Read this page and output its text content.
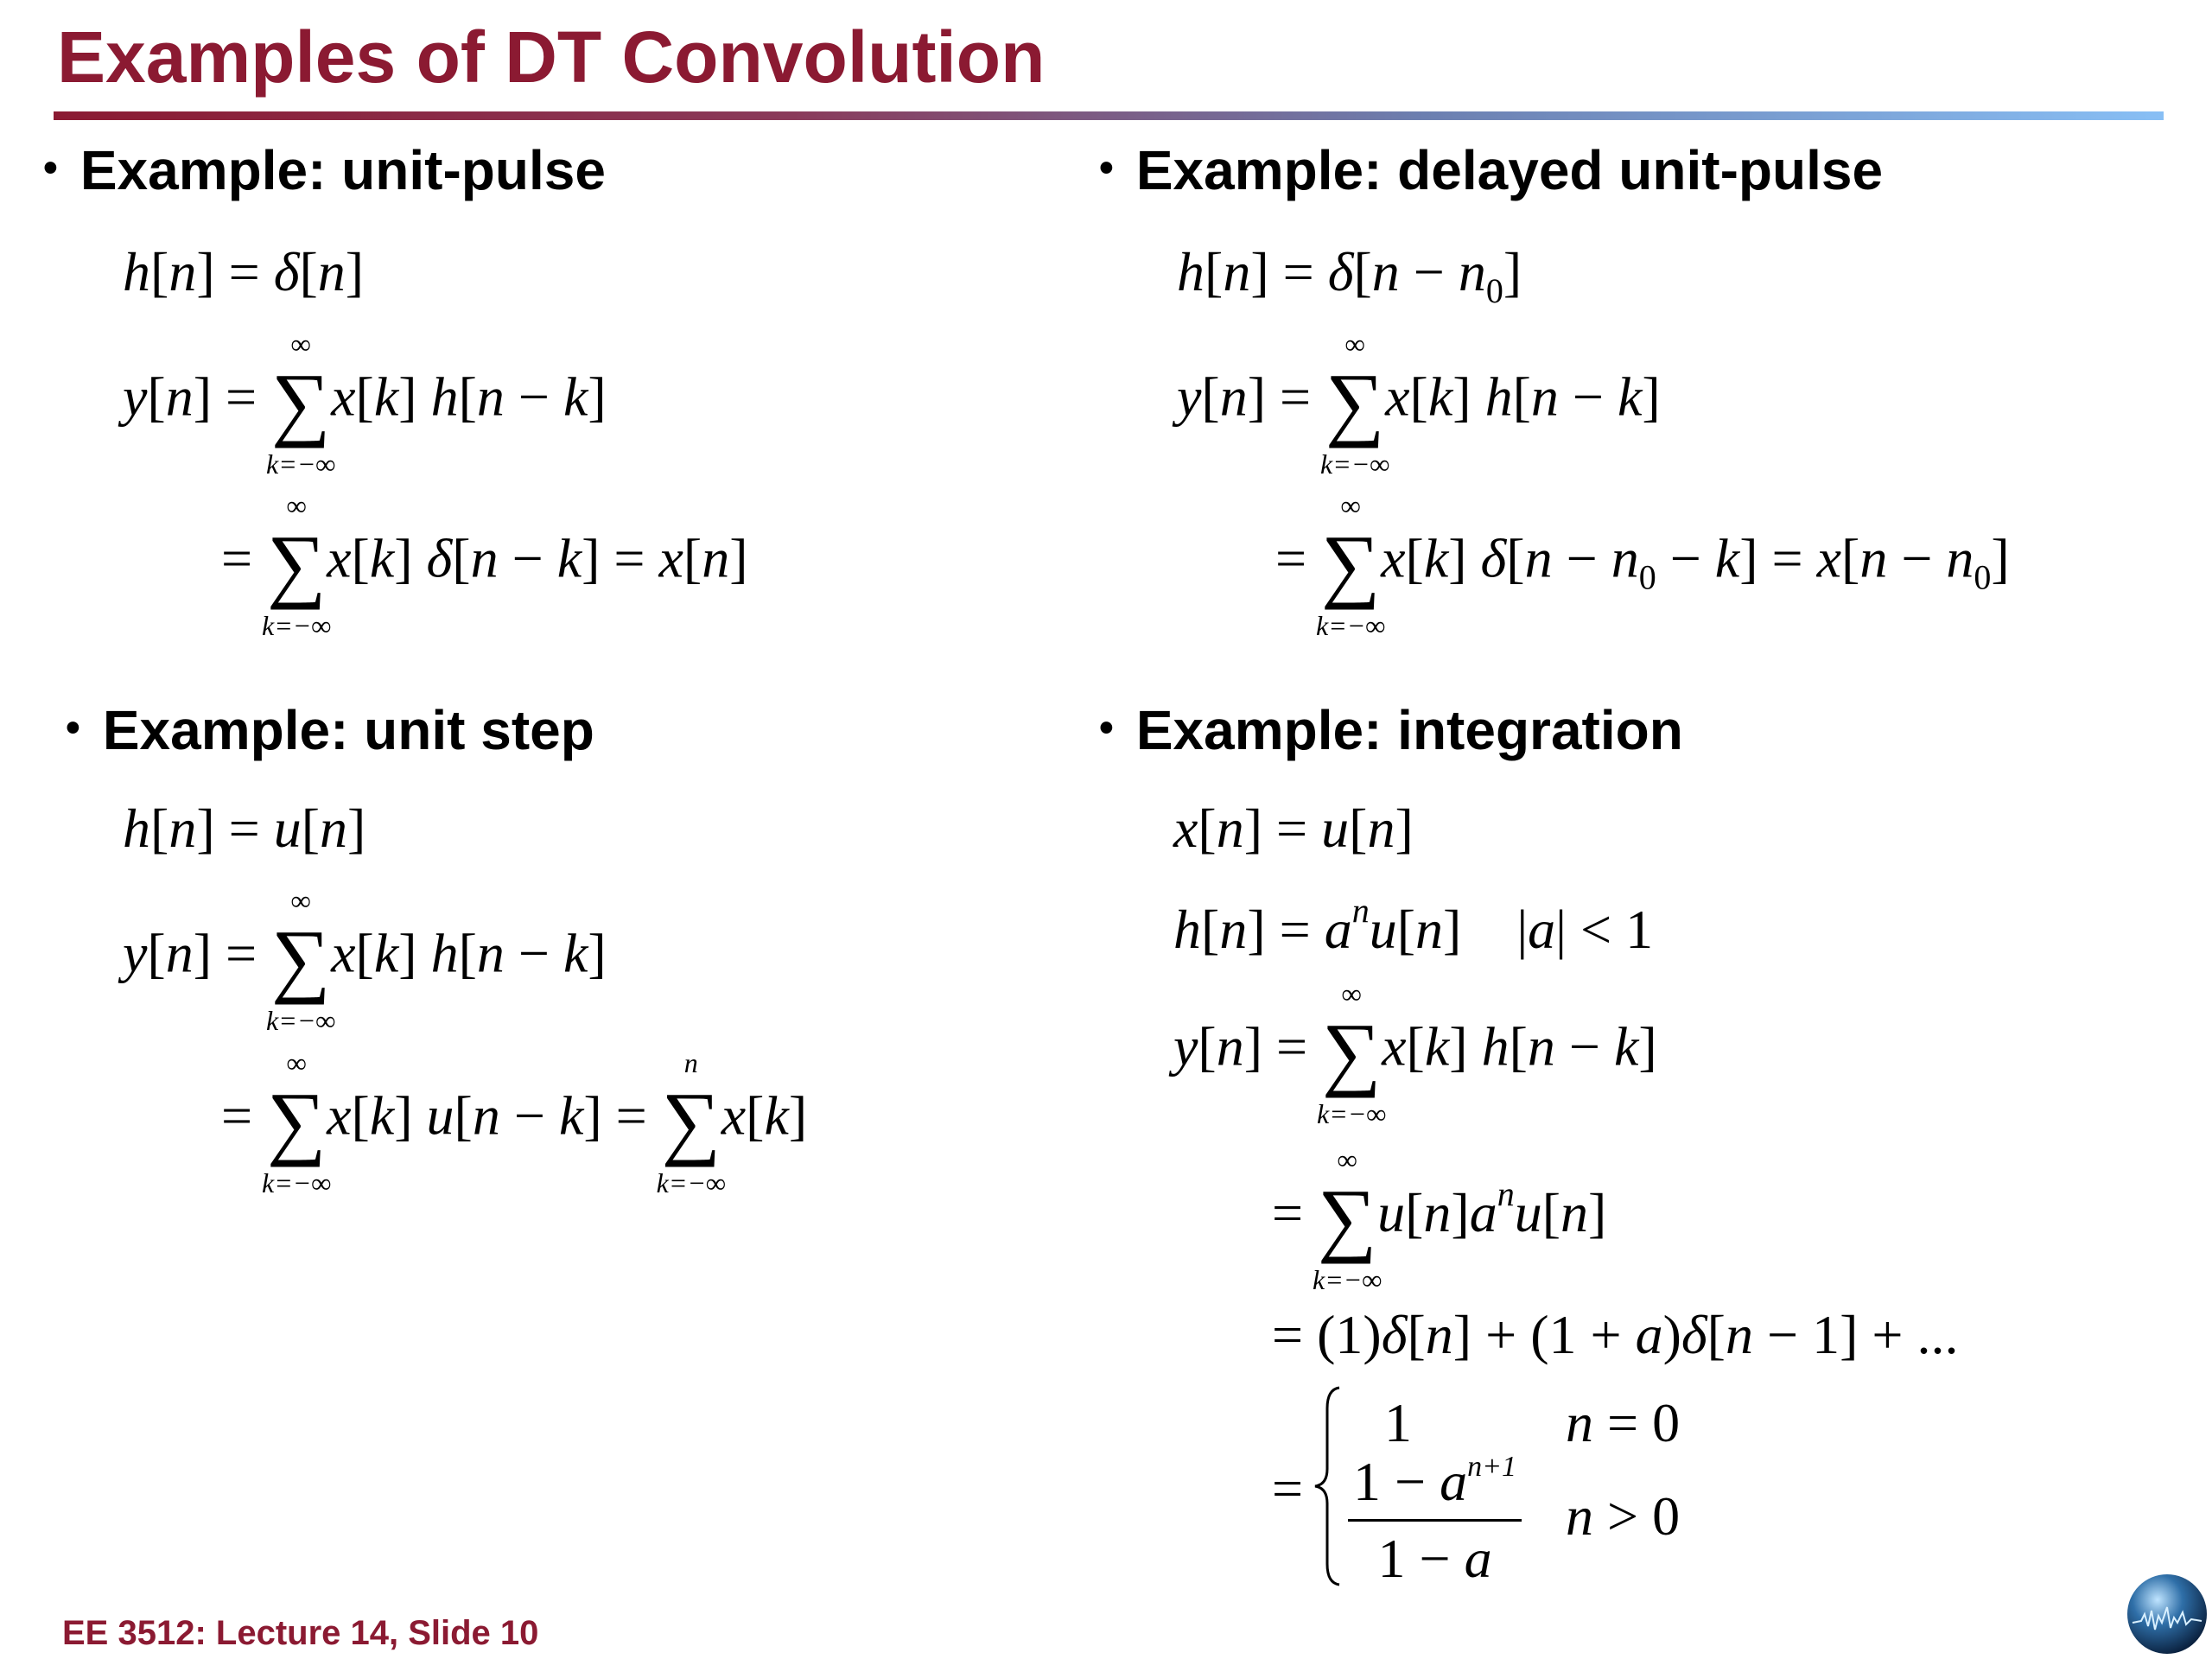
Examples of DT Convolution
• Example: unit-pulse
h[n] = δ[n]
y[n] =
∞
∑
k=−∞
x[k] h[n − k]
=
∞
∑
k=−∞
x[k] δ[n − k] = x[n]
• Example: delayed unit-pulse
$h[n] = \delta[n - n_0]$
y[n] =
∞
∑
k=−∞
x[k] h[n − k]
=
∞
∑
k=−∞
x[k] $\delta[n - n_0 - k] = x[n - n_0]$
• Example: unit step
h[n] = u[n]
y[n] =
∞
∑
k=−∞
x[k] h[n − k]
=
∞
∑
k=−∞
x[k] u[n − k] =
n
∑
k=−∞
x[k]
• Example: integration
x[n] = u[n]
$h[n] = a^nu[n]$    |a| < 1
y[n] =
∞
∑
k=−∞
x[k] h[n − k]
=
∞
∑
k=−∞
$u[n]a^nu[n]$
= (1)δ[n] + (1 + a)δ[n − 1] + ...
=
1	n = 0
$1 - a^{n+1}$
1 − a
n > 0
EE 3512: Lecture 14, Slide 10
